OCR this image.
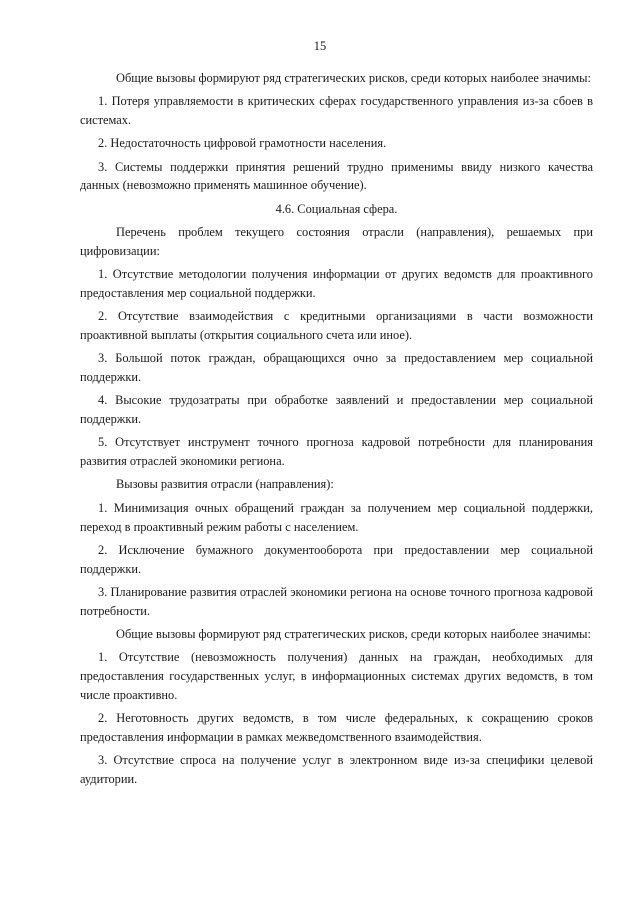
15

Общие вызовы формируют ряд стратегических рисков, среди которых наиболее значимы:

1. Потеря управляемости в критических сферах государственного управления из-за сбоев в системах.

2. Недостаточность цифровой грамотности населения.

3. Системы поддержки принятия решений трудно применимы ввиду низкого качества данных (невозможно применять машинное обучение).

4.6. Социальная сфера.

Перечень проблем текущего состояния отрасли (направления), решаемых при цифровизации:

1. Отсутствие методологии получения информации от других ведомств для проактивного предоставления мер социальной поддержки.

2. Отсутствие взаимодействия с кредитными организациями в части возможности проактивной выплаты (открытия социального счета или иное).

3. Большой поток граждан, обращающихся очно за предоставлением мер социальной поддержки.

4. Высокие трудозатраты при обработке заявлений и предоставлении мер социальной поддержки.

5. Отсутствует инструмент точного прогноза кадровой потребности для планирования развития отраслей экономики региона.

Вызовы развития отрасли (направления):

1. Минимизация очных обращений граждан за получением мер социальной поддержки, переход в проактивный режим работы с населением.

2. Исключение бумажного документооборота при предоставлении мер социальной поддержки.

3. Планирование развития отраслей экономики региона на основе точного прогноза кадровой потребности.

Общие вызовы формируют ряд стратегических рисков, среди которых наиболее значимы:

1. Отсутствие (невозможность получения) данных на граждан, необходимых для предоставления государственных услуг, в информационных системах других ведомств, в том числе проактивно.

2. Неготовность других ведомств, в том числе федеральных, к сокращению сроков предоставления информации в рамках межведомственного взаимодействия.

3. Отсутствие спроса на получение услуг в электронном виде из-за специфики целевой аудитории.
